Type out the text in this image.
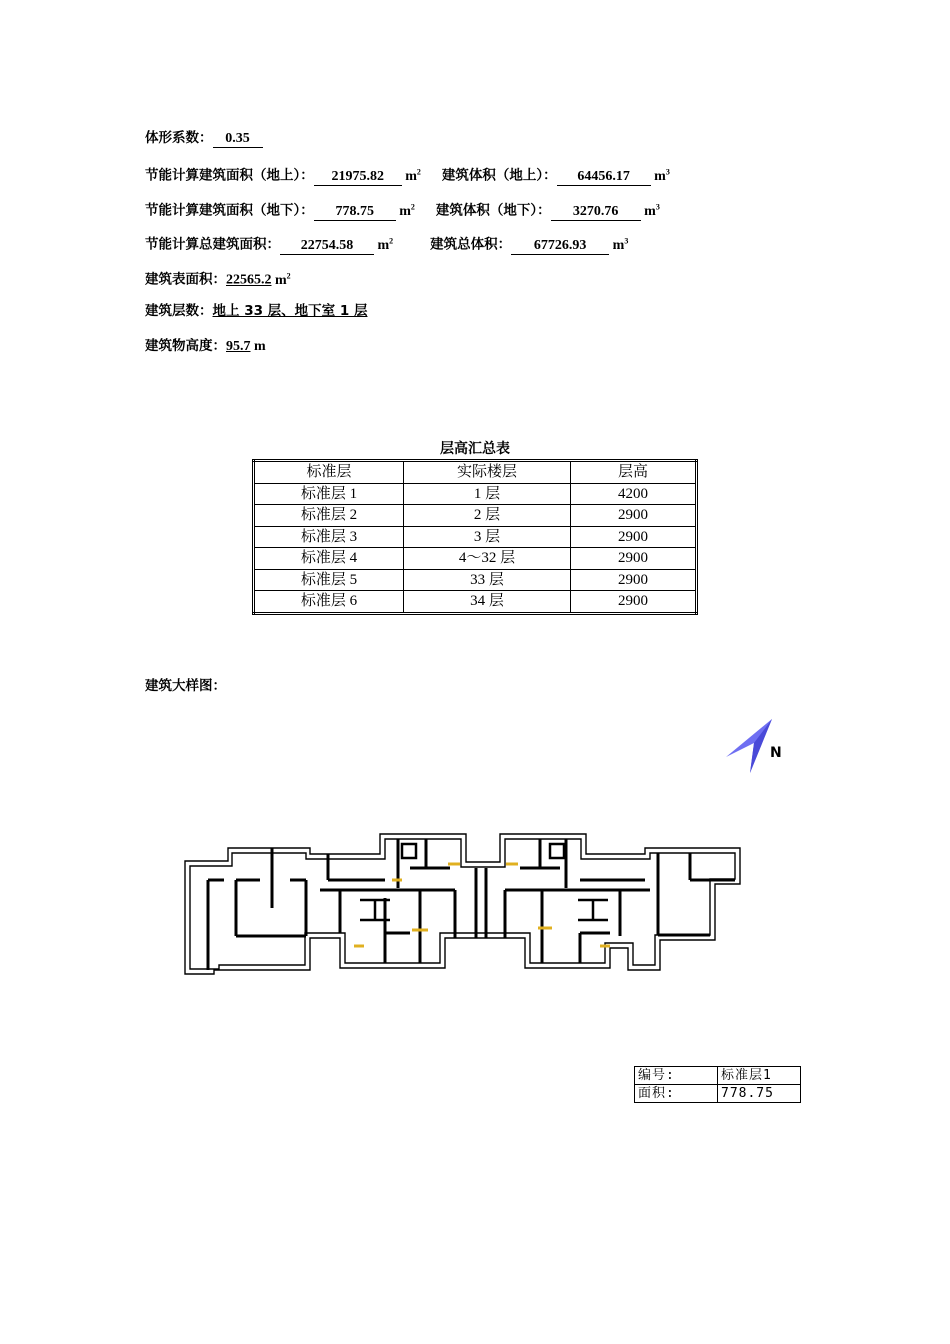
体形系数： 0.35
节能计算建筑面积（地上）： 21975.82 $m^2$ 建筑体积（地上）： 64456.17 $m^3$
节能计算建筑面积（地下）： 778.75 $m^2$ 建筑体积（地下）： 3270.76 $m^3$
节能计算总建筑面积： 22754.58 $m^2$	建筑总体积： 67726.93 $m^3$
建筑表面积：22565.2 $m^2$
建筑层数：地上 33 层、地下室 1 层
建筑物高度：95.7 m
层高汇总表
标准层	实际楼层	层高
标准层 1	1 层	4200
标准层 2	2 层	2900
标准层 3	3 层	2900
标准层 4	4～32 层	2900
标准层 5	33 层	2900
标准层 6	34 层	2900
建筑大样图：
N
编号:	标准层1
面积:	778.75
